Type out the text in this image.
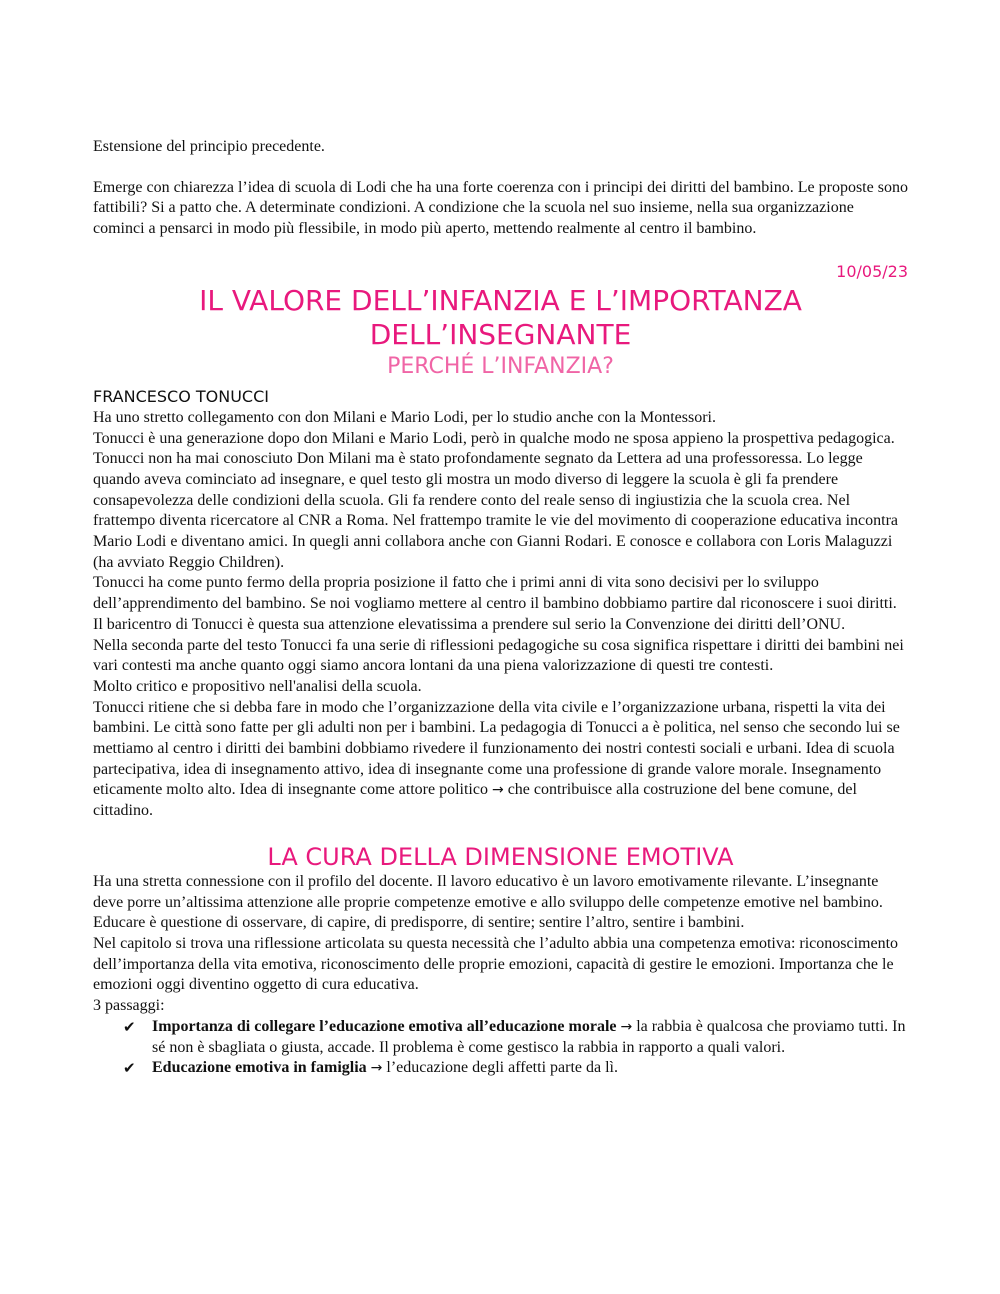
Estensione del principio precedente.

Emerge con chiarezza l’idea di scuola di Lodi che ha una forte coerenza con i principi dei diritti del bambino. Le proposte sono fattibili? Si a patto che. A determinate condizioni. A condizione che la scuola nel suo insieme, nella sua organizzazione cominci a pensarci in modo più flessibile, in modo più aperto, mettendo realmente al centro il bambino.

10/05/23
IL VALORE DELL’INFANZIA E L’IMPORTANZA
DELL’INSEGNANTE
PERCHÉ L’INFANZIA?
FRANCESCO TONUCCI

Ha uno stretto collegamento con don Milani e Mario Lodi, per lo studio anche con la Montessori.

Tonucci è una generazione dopo don Milani e Mario Lodi, però in qualche modo ne sposa appieno la prospettiva pedagogica. Tonucci non ha mai conosciuto Don Milani ma è stato profondamente segnato da Lettera ad una professoressa. Lo legge quando aveva cominciato ad insegnare, e quel testo gli mostra un modo diverso di leggere la scuola è gli fa prendere consapevolezza delle condizioni della scuola. Gli fa rendere conto del reale senso di ingiustizia che la scuola crea. Nel frattempo diventa ricercatore al CNR a Roma. Nel frattempo tramite le vie del movimento di cooperazione educativa incontra Mario Lodi e diventano amici. In quegli anni collabora anche con Gianni Rodari. E conosce e collabora con Loris Malaguzzi (ha avviato Reggio Children).

Tonucci ha come punto fermo della propria posizione il fatto che i primi anni di vita sono decisivi per lo sviluppo dell’apprendimento del bambino. Se noi vogliamo mettere al centro il bambino dobbiamo partire dal riconoscere i suoi diritti. Il baricentro di Tonucci è questa sua attenzione elevatissima a prendere sul serio la Convenzione dei diritti dell’ONU.

Nella seconda parte del testo Tonucci fa una serie di riflessioni pedagogiche su cosa significa rispettare i diritti dei bambini nei vari contesti ma anche quanto oggi siamo ancora lontani da una piena valorizzazione di questi tre contesti.

Molto critico e propositivo nell'analisi della scuola.

Tonucci ritiene che si debba fare in modo che l’organizzazione della vita civile e l’organizzazione urbana, rispetti la vita dei bambini. Le città sono fatte per gli adulti non per i bambini. La pedagogia di Tonucci a è politica, nel senso che secondo lui se mettiamo al centro i diritti dei bambini dobbiamo rivedere il funzionamento dei nostri contesti sociali e urbani. Idea di scuola partecipativa, idea di insegnamento attivo, idea di insegnante come una professione di grande valore morale. Insegnamento eticamente molto alto. Idea di insegnante come attore politico → che contribuisce alla costruzione del bene comune, del cittadino.

LA CURA DELLA DIMENSIONE EMOTIVA

Ha una stretta connessione con il profilo del docente. Il lavoro educativo è un lavoro emotivamente rilevante. L’insegnante deve porre un’altissima attenzione alle proprie competenze emotive e allo sviluppo delle competenze emotive nel bambino.

Educare è questione di osservare, di capire, di predisporre, di sentire; sentire l’altro, sentire i bambini.

Nel capitolo si trova una riflessione articolata su questa necessità che l’adulto abbia una competenza emotiva: riconoscimento dell’importanza della vita emotiva, riconoscimento delle proprie emozioni, capacità di gestire le emozioni. Importanza che le emozioni oggi diventino oggetto di cura educativa.

3 passaggi:

✔ Importanza di collegare l’educazione emotiva all’educazione morale → la rabbia è qualcosa che proviamo tutti. In sé non è sbagliata o giusta, accade. Il problema è come gestisco la rabbia in rapporto a quali valori.
✔ Educazione emotiva in famiglia → l’educazione degli affetti parte da lì.
